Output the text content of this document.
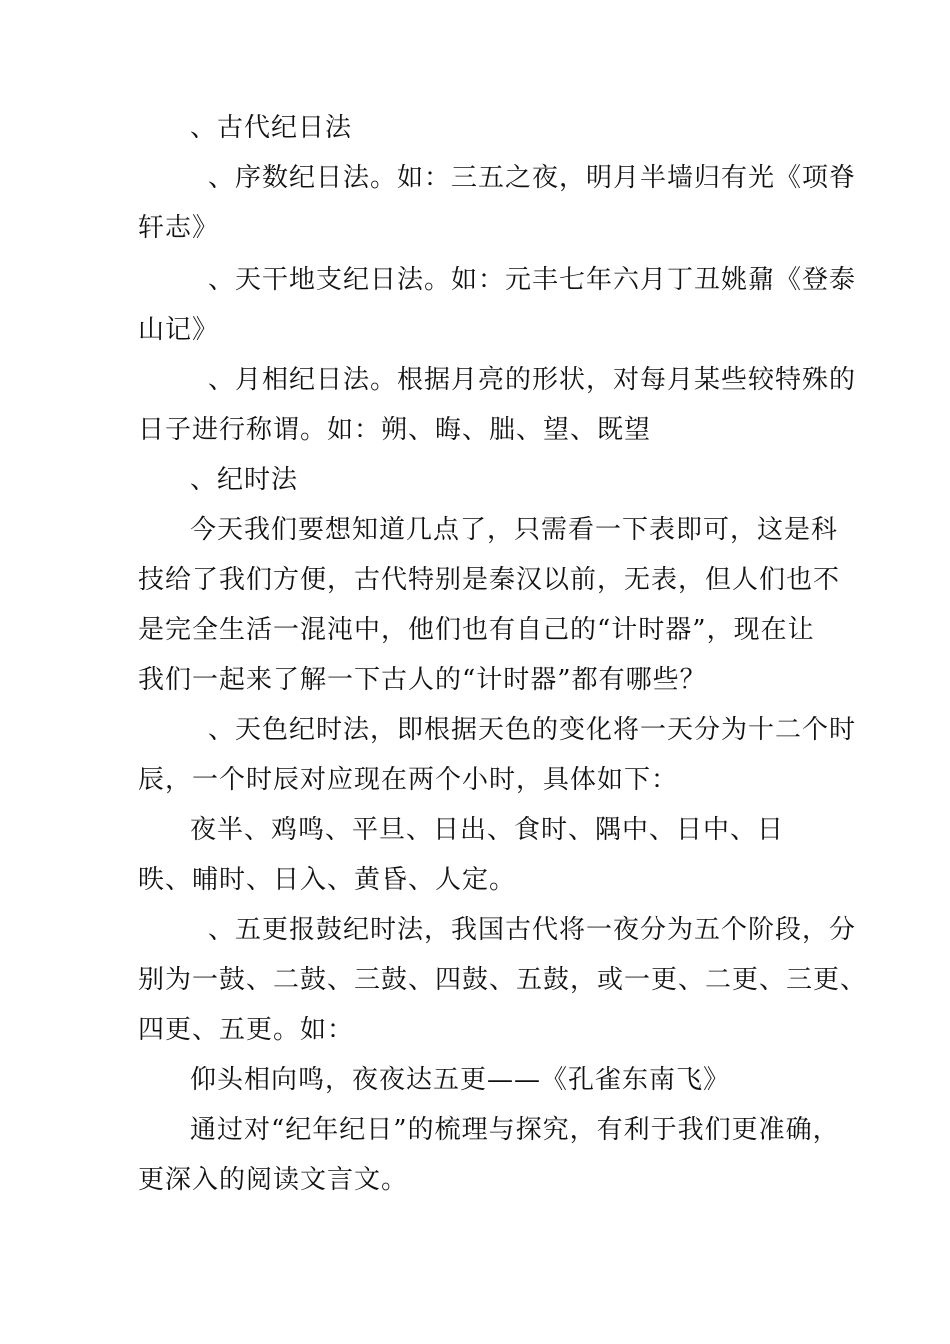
、古代纪日法
、序数纪日法。如：三五之夜，明月半墙归有光《项脊
轩志》
、天干地支纪日法。如：元丰七年六月丁丑姚鼐《登泰
山记》
、月相纪日法。根据月亮的形状，对每月某些较特殊的
日子进行称谓。如：朔、晦、朏、望、既望
、纪时法
今天我们要想知道几点了，只需看一下表即可，这是科
技给了我们方便，古代特别是秦汉以前，无表，但人们也不
是完全生活一混沌中，他们也有自己的“计时器”，现在让
我们一起来了解一下古人的“计时器”都有哪些？
、天色纪时法，即根据天色的变化将一天分为十二个时
辰，一个时辰对应现在两个小时，具体如下：
夜半、鸡鸣、平旦、日出、食时、隅中、日中、日
昳、晡时、日入、黄昏、人定。
、五更报鼓纪时法，我国古代将一夜分为五个阶段，分
别为一鼓、二鼓、三鼓、四鼓、五鼓，或一更、二更、三更、
四更、五更。如：
仰头相向鸣，夜夜达五更——《孔雀东南飞》
通过对“纪年纪日”的梳理与探究，有利于我们更准确，
更深入的阅读文言文。
